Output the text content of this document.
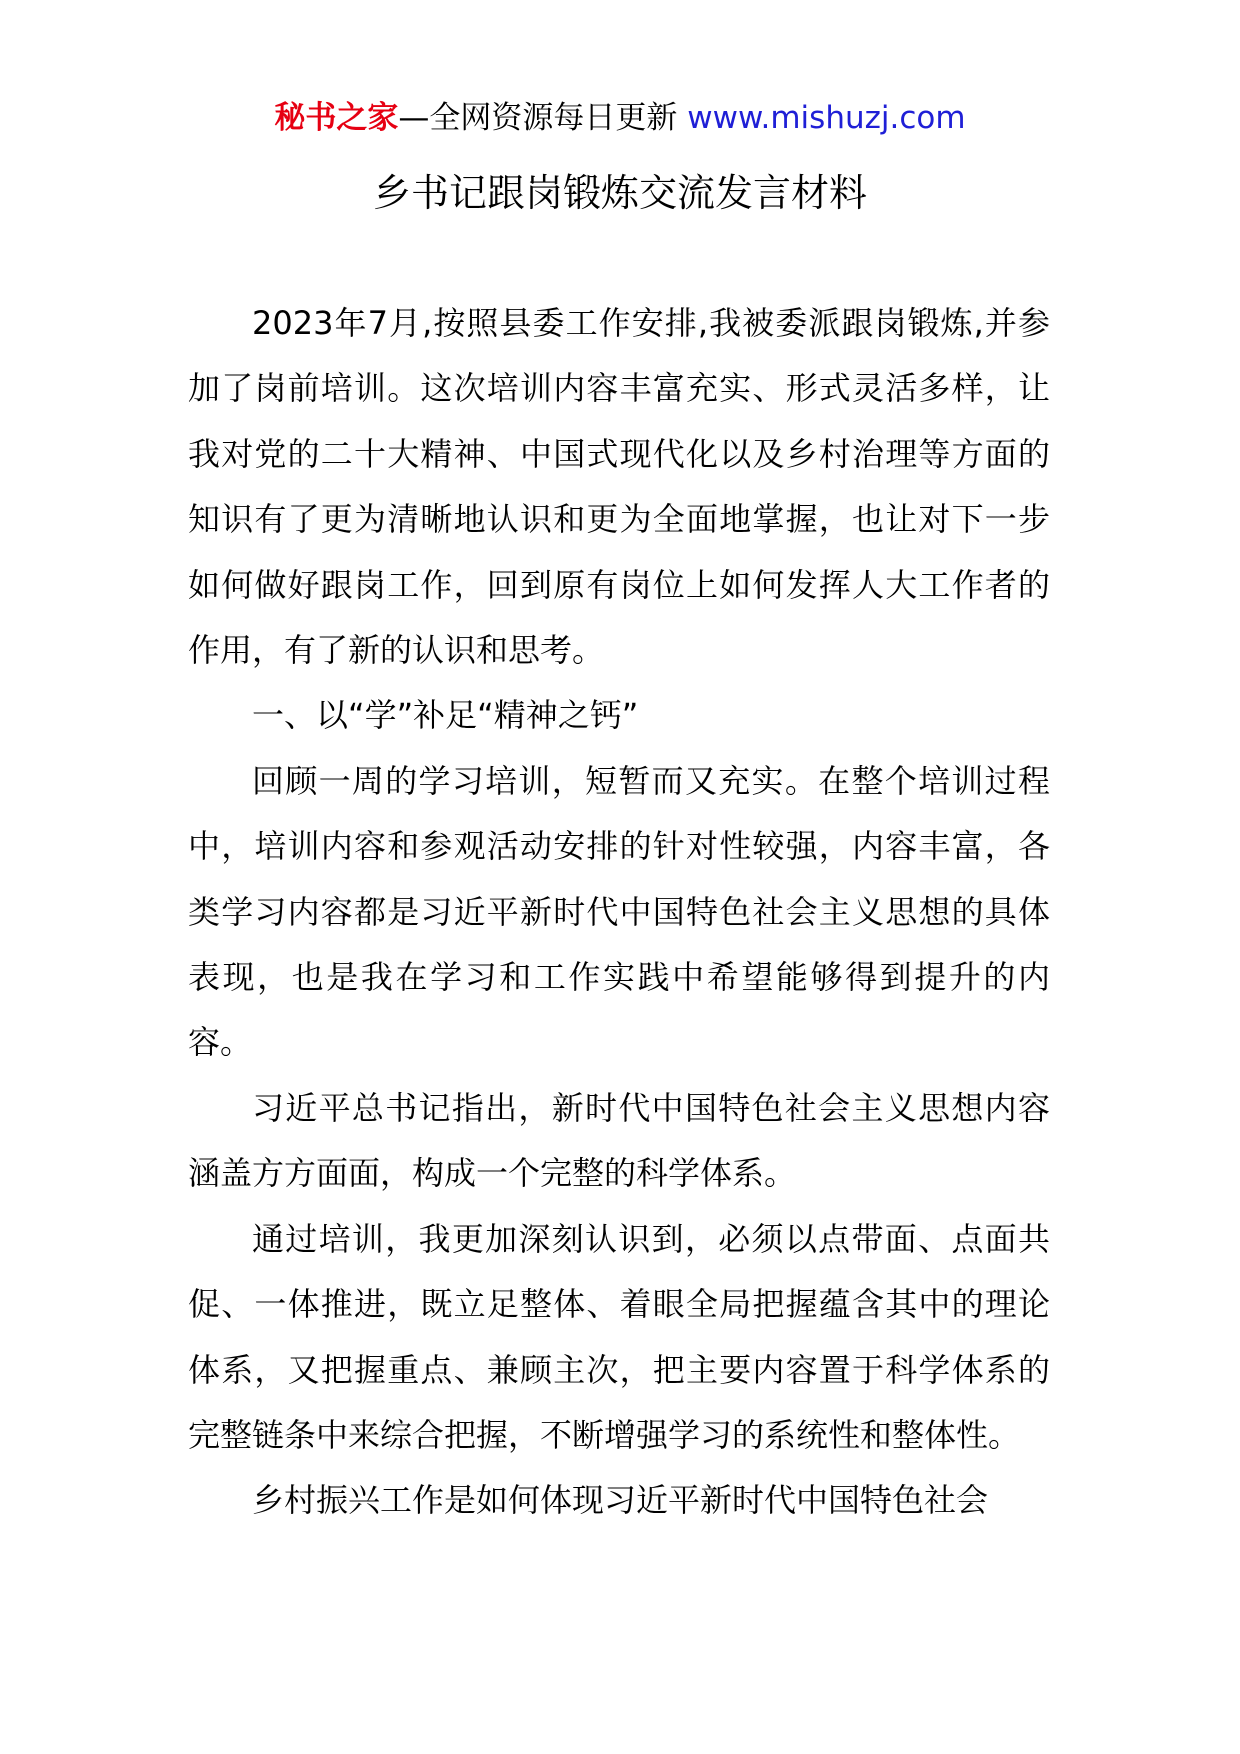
秘书之家—全网资源每日更新 www.mishuzj.com
乡书记跟岗锻炼交流发言材料

2023年7月,按照县委工作安排,我被委派跟岗锻炼,并参加了岗前培训。这次培训内容丰富充实、形式灵活多样，让我对党的二十大精神、中国式现代化以及乡村治理等方面的知识有了更为清晰地认识和更为全面地掌握，也让对下一步如何做好跟岗工作，回到原有岗位上如何发挥人大工作者的作用，有了新的认识和思考。

一、以“学”补足“精神之钙”

回顾一周的学习培训，短暂而又充实。在整个培训过程中，培训内容和参观活动安排的针对性较强，内容丰富，各类学习内容都是习近平新时代中国特色社会主义思想的具体表现，也是我在学习和工作实践中希望能够得到提升的内容。

习近平总书记指出，新时代中国特色社会主义思想内容涵盖方方面面，构成一个完整的科学体系。

通过培训，我更加深刻认识到，必须以点带面、点面共促、一体推进，既立足整体、着眼全局把握蕴含其中的理论体系，又把握重点、兼顾主次，把主要内容置于科学体系的完整链条中来综合把握，不断增强学习的系统性和整体性。

乡村振兴工作是如何体现习近平新时代中国特色社会
